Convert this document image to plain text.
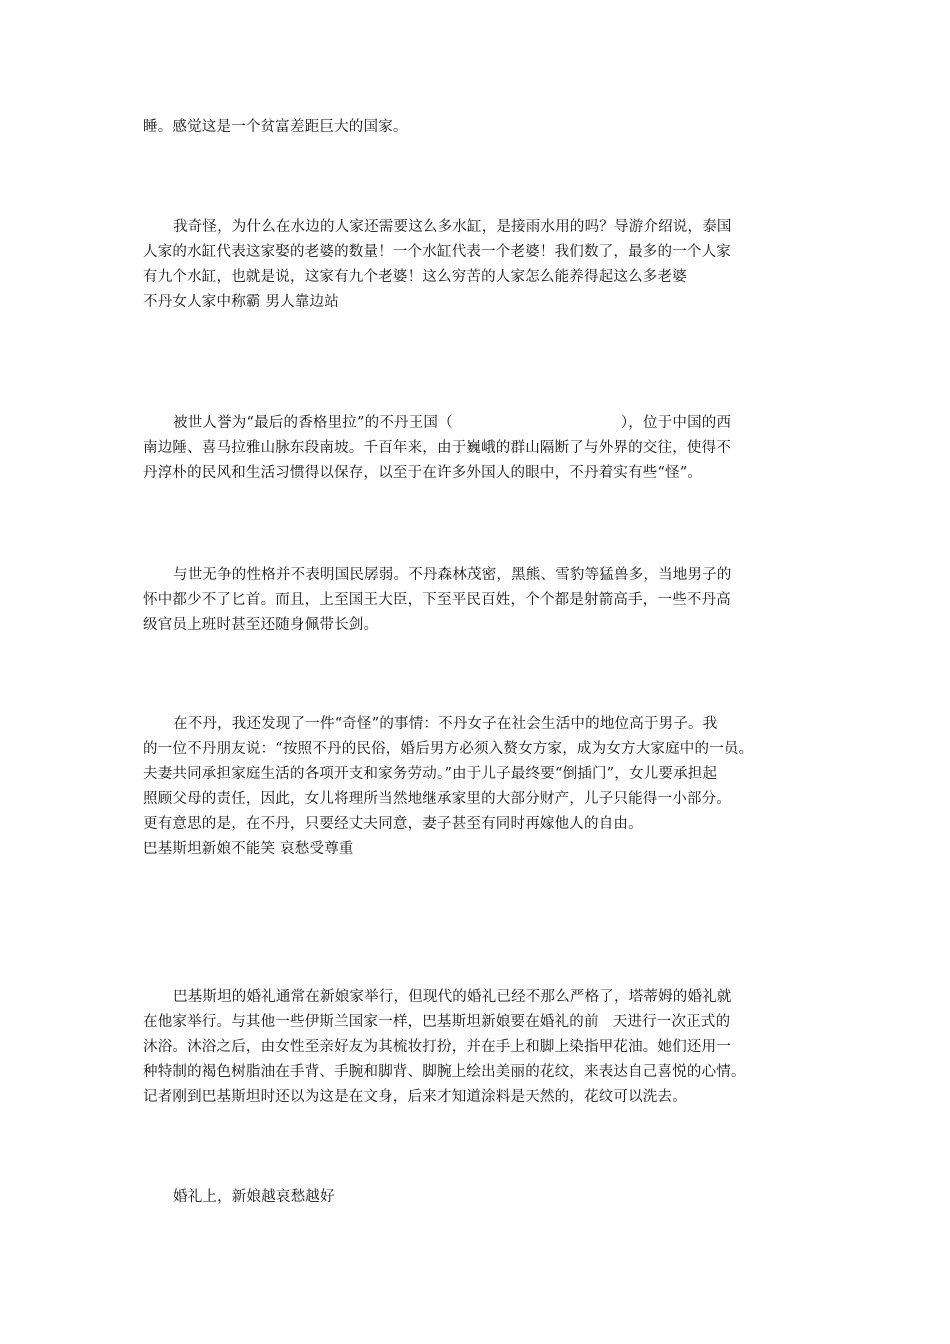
睡。感觉这是一个贫富差距巨大的国家。
我奇怪，为什么在水边的人家还需要这么多水缸，是接雨水用的吗？导游介绍说，泰国
人家的水缸代表这家娶的老婆的数量！一个水缸代表一个老婆！我们数了，最多的一个人家
有九个水缸，也就是说，这家有九个老婆！这么穷苦的人家怎么能养得起这么多老婆
不丹女人家中称霸 男人靠边站
被世人誉为“最后的香格里拉”的不丹王国（	），位于中国的西
南边陲、喜马拉雅山脉东段南坡。千百年来，由于巍峨的群山隔断了与外界的交往，使得不
丹淳朴的民风和生活习惯得以保存，以至于在许多外国人的眼中，不丹着实有些“怪”。
与世无争的性格并不表明国民孱弱。不丹森林茂密，黑熊、雪豹等猛兽多，当地男子的
怀中都少不了匕首。而且，上至国王大臣，下至平民百姓，个个都是射箭高手，一些不丹高
级官员上班时甚至还随身佩带长剑。
在不丹，我还发现了一件“奇怪”的事情：不丹女子在社会生活中的地位高于男子。我
的一位不丹朋友说：“按照不丹的民俗，婚后男方必须入赘女方家，成为女方大家庭中的一员。
夫妻共同承担家庭生活的各项开支和家务劳动。”由于儿子最终要“倒插门”，女儿要承担起
照顾父母的责任，因此，女儿将理所当然地继承家里的大部分财产，儿子只能得一小部分。
更有意思的是，在不丹，只要经丈夫同意，妻子甚至有同时再嫁他人的自由。
巴基斯坦新娘不能笑 哀愁受尊重
巴基斯坦的婚礼通常在新娘家举行，但现代的婚礼已经不那么严格了，塔蒂姆的婚礼就
在他家举行。与其他一些伊斯兰国家一样，巴基斯坦新娘要在婚礼的前 天进行一次正式的
沐浴。沐浴之后，由女性至亲好友为其梳妆打扮，并在手上和脚上染指甲花油。她们还用一
种特制的褐色树脂油在手背、手腕和脚背、脚腕上绘出美丽的花纹，来表达自己喜悦的心情。
记者刚到巴基斯坦时还以为这是在文身，后来才知道涂料是天然的，花纹可以洗去。
婚礼上，新娘越哀愁越好
